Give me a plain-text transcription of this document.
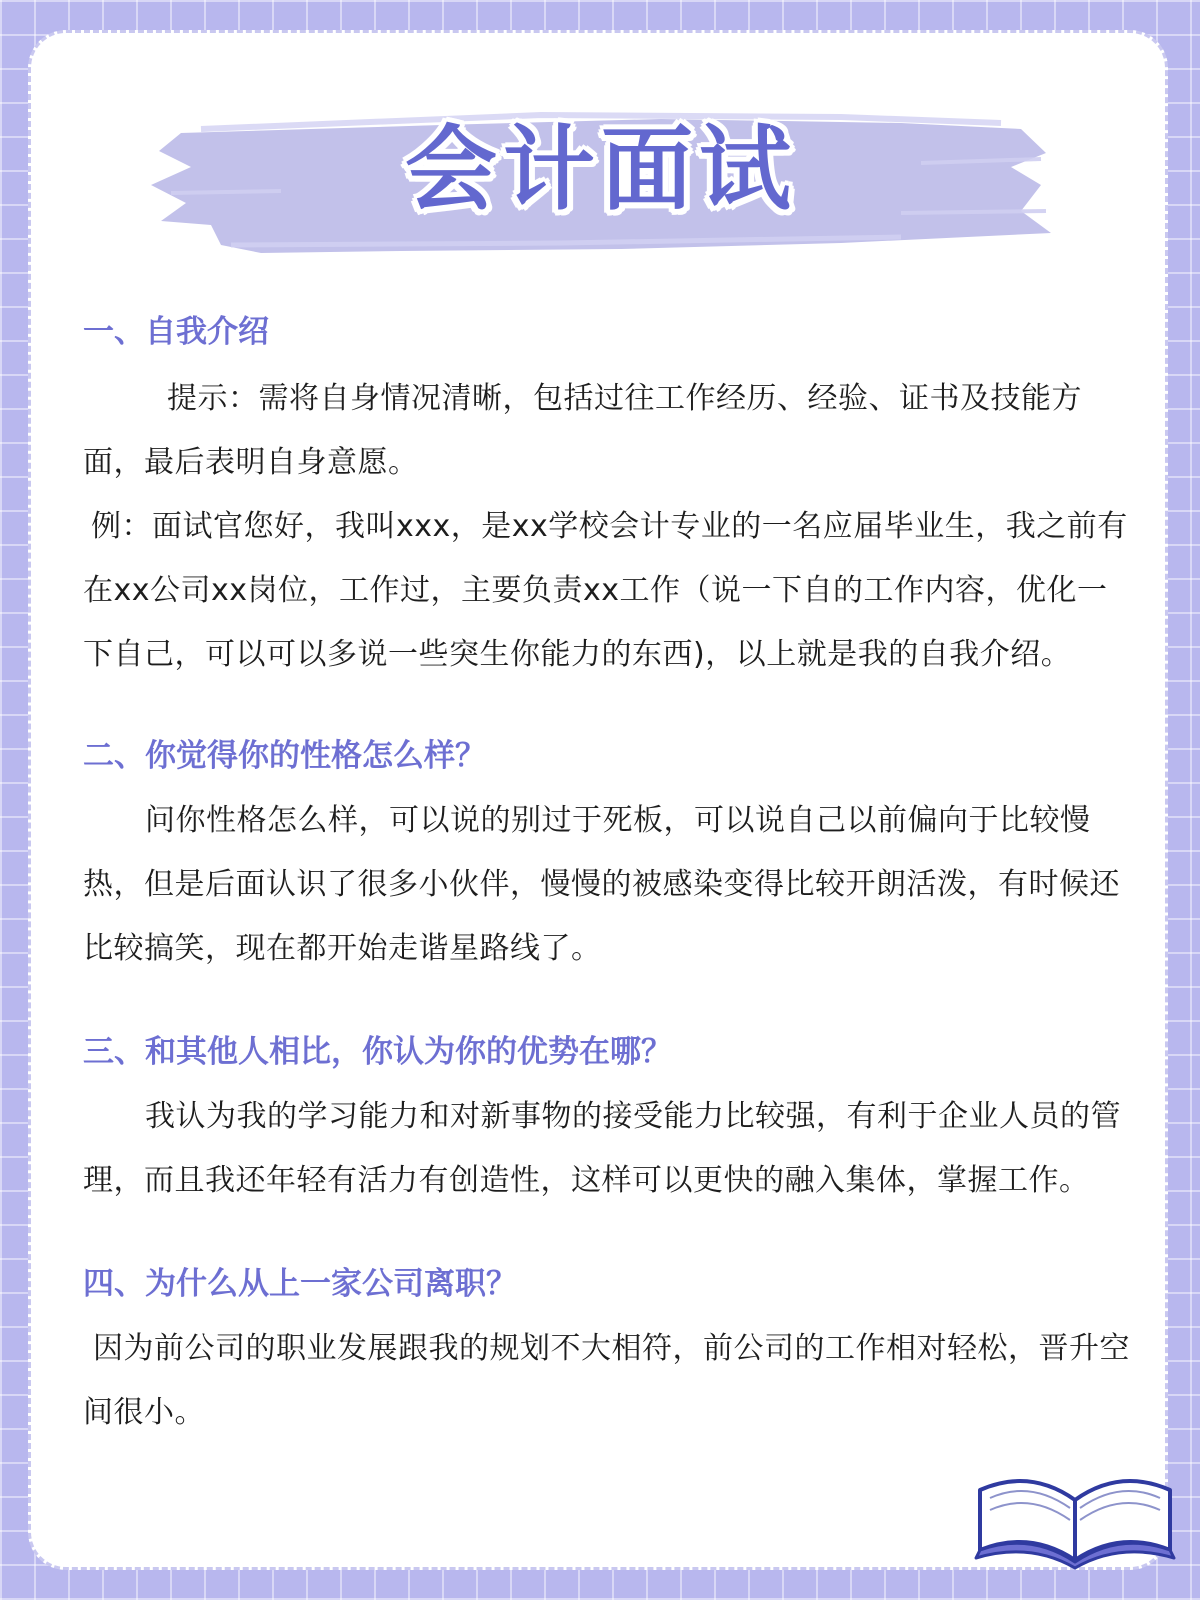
会计面试
一、自我介绍

提示：需将自身情况清晰，包括过往工作经历、经验、证书及技能方面，最后表明自身意愿。

例：面试官您好，我叫xxx，是xx学校会计专业的一名应届毕业生，我之前有在xx公司xx岗位，工作过，主要负责xx工作（说一下自的工作内容，优化一下自己，可以可以多说一些突生你能力的东西)，以上就是我的自我介绍。

二、你觉得你的性格怎么样？

问你性格怎么样，可以说的别过于死板，可以说自己以前偏向于比较慢热，但是后面认识了很多小伙伴，慢慢的被感染变得比较开朗活泼，有时候还比较搞笑，现在都开始走谐星路线了。

三、和其他人相比，你认为你的优势在哪？

我认为我的学习能力和对新事物的接受能力比较强，有利于企业人员的管理，而且我还年轻有活力有创造性，这样可以更快的融入集体，掌握工作。

四、为什么从上一家公司离职？

因为前公司的职业发展跟我的规划不大相符，前公司的工作相对轻松，晋升空间很小。
